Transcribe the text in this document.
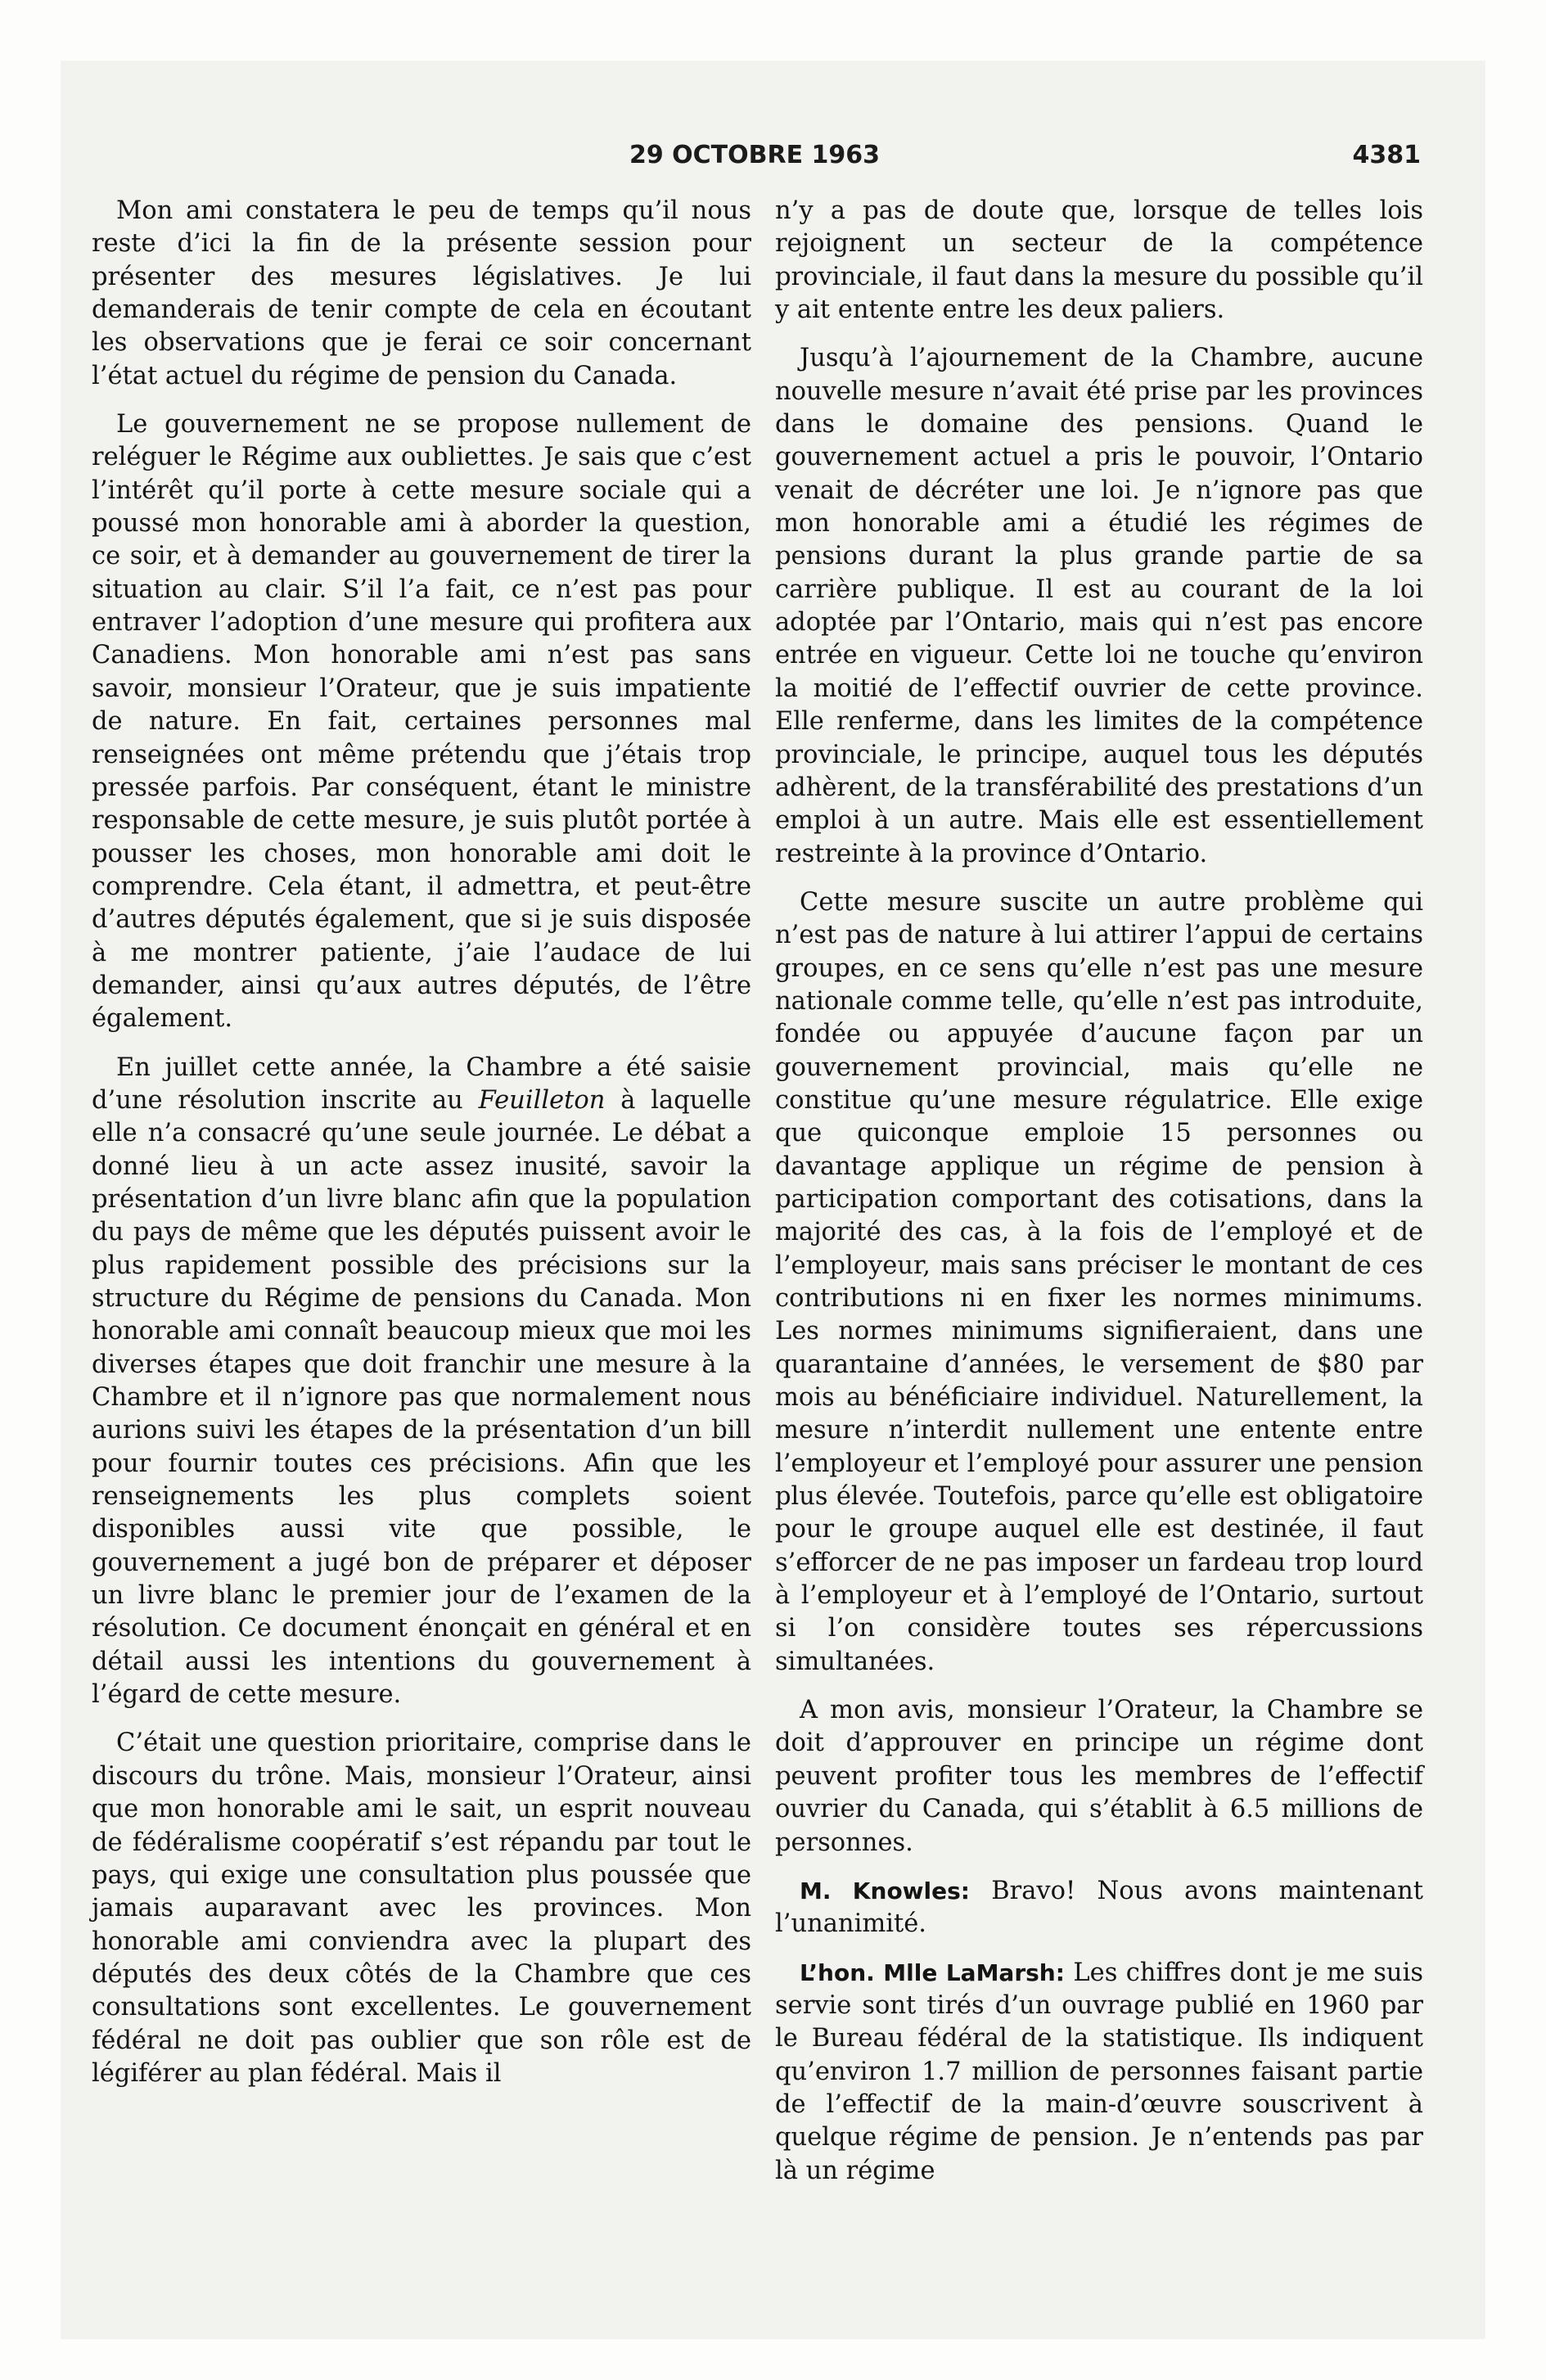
29 OCTOBRE 1963	4381

Mon ami constatera le peu de temps qu’il nous reste d’ici la fin de la présente session pour présenter des mesures législatives. Je lui demanderais de tenir compte de cela en écoutant les observations que je ferai ce soir concernant l’état actuel du régime de pension du Canada.

Le gouvernement ne se propose nullement de reléguer le Régime aux oubliettes. Je sais que c’est l’intérêt qu’il porte à cette mesure sociale qui a poussé mon honorable ami à aborder la question, ce soir, et à demander au gouvernement de tirer la situation au clair. S’il l’a fait, ce n’est pas pour entraver l’adoption d’une mesure qui profitera aux Canadiens. Mon honorable ami n’est pas sans savoir, monsieur l’Orateur, que je suis impatiente de nature. En fait, certaines personnes mal renseignées ont même prétendu que j’étais trop pressée parfois. Par conséquent, étant le ministre responsable de cette mesure, je suis plutôt portée à pousser les choses, mon honorable ami doit le comprendre. Cela étant, il admettra, et peut-être d’autres députés également, que si je suis disposée à me montrer patiente, j’aie l’audace de lui demander, ainsi qu’aux autres députés, de l’être également.

En juillet cette année, la Chambre a été saisie d’une résolution inscrite au Feuilleton à laquelle elle n’a consacré qu’une seule journée. Le débat a donné lieu à un acte assez inusité, savoir la présentation d’un livre blanc afin que la population du pays de même que les députés puissent avoir le plus rapidement possible des précisions sur la structure du Régime de pensions du Canada. Mon honorable ami connaît beaucoup mieux que moi les diverses étapes que doit franchir une mesure à la Chambre et il n’ignore pas que normalement nous aurions suivi les étapes de la présentation d’un bill pour fournir toutes ces précisions. Afin que les renseignements les plus complets soient disponibles aussi vite que possible, le gouvernement a jugé bon de préparer et déposer un livre blanc le premier jour de l’examen de la résolution. Ce document énonçait en général et en détail aussi les intentions du gouvernement à l’égard de cette mesure.

C’était une question prioritaire, comprise dans le discours du trône. Mais, monsieur l’Orateur, ainsi que mon honorable ami le sait, un esprit nouveau de fédéralisme coopératif s’est répandu par tout le pays, qui exige une consultation plus poussée que jamais auparavant avec les provinces. Mon honorable ami conviendra avec la plupart des députés des deux côtés de la Chambre que ces consultations sont excellentes. Le gouvernement fédéral ne doit pas oublier que son rôle est de légiférer au plan fédéral. Mais il

n’y a pas de doute que, lorsque de telles lois rejoignent un secteur de la compétence provinciale, il faut dans la mesure du possible qu’il y ait entente entre les deux paliers.

Jusqu’à l’ajournement de la Chambre, aucune nouvelle mesure n’avait été prise par les provinces dans le domaine des pensions. Quand le gouvernement actuel a pris le pouvoir, l’Ontario venait de décréter une loi. Je n’ignore pas que mon honorable ami a étudié les régimes de pensions durant la plus grande partie de sa carrière publique. Il est au courant de la loi adoptée par l’Ontario, mais qui n’est pas encore entrée en vigueur. Cette loi ne touche qu’environ la moitié de l’effectif ouvrier de cette province. Elle renferme, dans les limites de la compétence provinciale, le principe, auquel tous les députés adhèrent, de la transférabilité des prestations d’un emploi à un autre. Mais elle est essentiellement restreinte à la province d’Ontario.

Cette mesure suscite un autre problème qui n’est pas de nature à lui attirer l’appui de certains groupes, en ce sens qu’elle n’est pas une mesure nationale comme telle, qu’elle n’est pas introduite, fondée ou appuyée d’aucune façon par un gouvernement provincial, mais qu’elle ne constitue qu’une mesure régulatrice. Elle exige que quiconque emploie 15 personnes ou davantage applique un régime de pension à participation comportant des cotisations, dans la majorité des cas, à la fois de l’employé et de l’employeur, mais sans préciser le montant de ces contributions ni en fixer les normes minimums. Les normes minimums signifieraient, dans une quarantaine d’années, le versement de $80 par mois au bénéficiaire individuel. Naturellement, la mesure n’interdit nullement une entente entre l’employeur et l’employé pour assurer une pension plus élevée. Toutefois, parce qu’elle est obligatoire pour le groupe auquel elle est destinée, il faut s’efforcer de ne pas imposer un fardeau trop lourd à l’employeur et à l’employé de l’Ontario, surtout si l’on considère toutes ses répercussions simultanées.

A mon avis, monsieur l’Orateur, la Chambre se doit d’approuver en principe un régime dont peuvent profiter tous les membres de l’effectif ouvrier du Canada, qui s’établit à 6.5 millions de personnes.

M. Knowles: Bravo! Nous avons maintenant l’unanimité.

L’hon. Mlle LaMarsh: Les chiffres dont je me suis servie sont tirés d’un ouvrage publié en 1960 par le Bureau fédéral de la statistique. Ils indiquent qu’environ 1.7 million de personnes faisant partie de l’effectif de la main-d’œuvre souscrivent à quelque régime de pension. Je n’entends pas par là un régime
